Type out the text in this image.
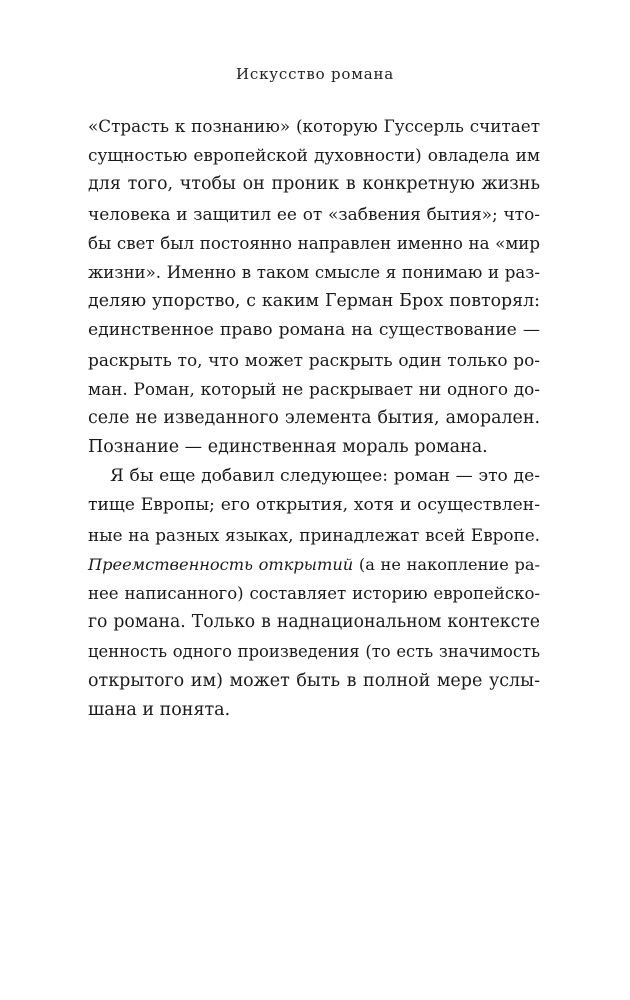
Искусство романа
«Страсть к познанию» (которую Гуссерль считает
сущностью европейской духовности) овладела им
для того, чтобы он проник в конкретную жизнь
человека и защитил ее от «забвения бытия»; что-
бы свет был постоянно направлен именно на «мир
жизни». Именно в таком смысле я понимаю и раз-
деляю упорство, с каким Герман Брох повторял:
единственное право романа на существование —
раскрыть то, что может раскрыть один только ро-
ман. Роман, который не раскрывает ни одного до-
селе не изведанного элемента бытия, аморален.
Познание — единственная мораль романа.
Я бы еще добавил следующее: роман — это де-
тище Европы; его открытия, хотя и осуществлен-
ные на разных языках, принадлежат всей Европе.
Преемственность открытий (а не накопление ра-
нее написанного) составляет историю европейско-
го романа. Только в наднациональном контексте
ценность одного произведения (то есть значимость
открытого им) может быть в полной мере услы-
шана и понята.
